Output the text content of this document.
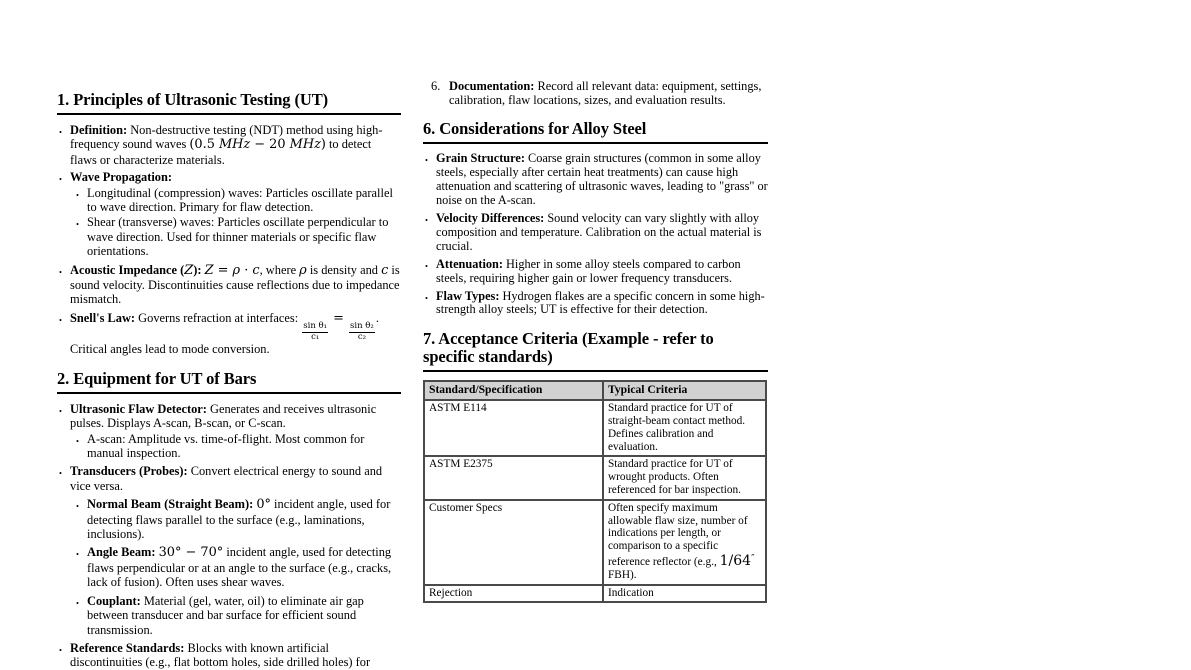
1. Principles of Ultrasonic Testing (UT)
• Definition: Non-destructive testing (NDT) method using high-frequency sound waves (0.5 MHz − 20 MHz) to detect flaws or characterize materials.
• Wave Propagation:
• Longitudinal (compression) waves: Particles oscillate parallel to wave direction. Primary for flaw detection.
• Shear (transverse) waves: Particles oscillate perpendicular to wave direction. Used for thinner materials or specific flaw orientations.
• Acoustic Impedance (Z): Z = ρ · c, where ρ is density and c is sound velocity. Discontinuities cause reflections due to impedance mismatch.
• Snell's Law: Governs refraction at interfaces:
$\frac{\text{sin θ₁}}{\text{c₁}}$
=
$\frac{\text{sin θ₂}}{\text{c₂}}$
. Critical angles lead to mode conversion.
2. Equipment for UT of Bars
• Ultrasonic Flaw Detector: Generates and receives ultrasonic pulses. Displays A-scan, B-scan, or C-scan.
• A-scan: Amplitude vs. time-of-flight. Most common for manual inspection.
• Transducers (Probes): Convert electrical energy to sound and vice versa.
• Normal Beam (Straight Beam): 0° incident angle, used for detecting flaws parallel to the surface (e.g., laminations, inclusions).
• Angle Beam: 30° − 70° incident angle, used for detecting flaws perpendicular or at an angle to the surface (e.g., cracks, lack of fusion). Often uses shear waves.
• Couplant: Material (gel, water, oil) to eliminate air gap between transducer and bar surface for efficient sound transmission.
• Reference Standards: Blocks with known artificial discontinuities (e.g., flat bottom holes, side drilled holes) for
6. Documentation: Record all relevant data: equipment, settings, calibration, flaw locations, sizes, and evaluation results.
6. Considerations for Alloy Steel
• Grain Structure: Coarse grain structures (common in some alloy steels, especially after certain heat treatments) can cause high attenuation and scattering of ultrasonic waves, leading to "grass" or noise on the A-scan.
• Velocity Differences: Sound velocity can vary slightly with alloy composition and temperature. Calibration on the actual material is crucial.
• Attenuation: Higher in some alloy steels compared to carbon steels, requiring higher gain or lower frequency transducers.
• Flaw Types: Hydrogen flakes are a specific concern in some high-strength alloy steels; UT is effective for their detection.
7. Acceptance Criteria (Example - refer to specific standards)
Standard/Specification	Typical Criteria
ASTM E114	Standard practice for UT of straight-beam contact method. Defines calibration and evaluation.
ASTM E2375	Standard practice for UT of wrought products. Often referenced for bar inspection.
Customer Specs	Often specify maximum allowable flaw size, number of indications per length, or comparison to a specific reference reflector (e.g., 1/64″ FBH).
Rejection	Indication
